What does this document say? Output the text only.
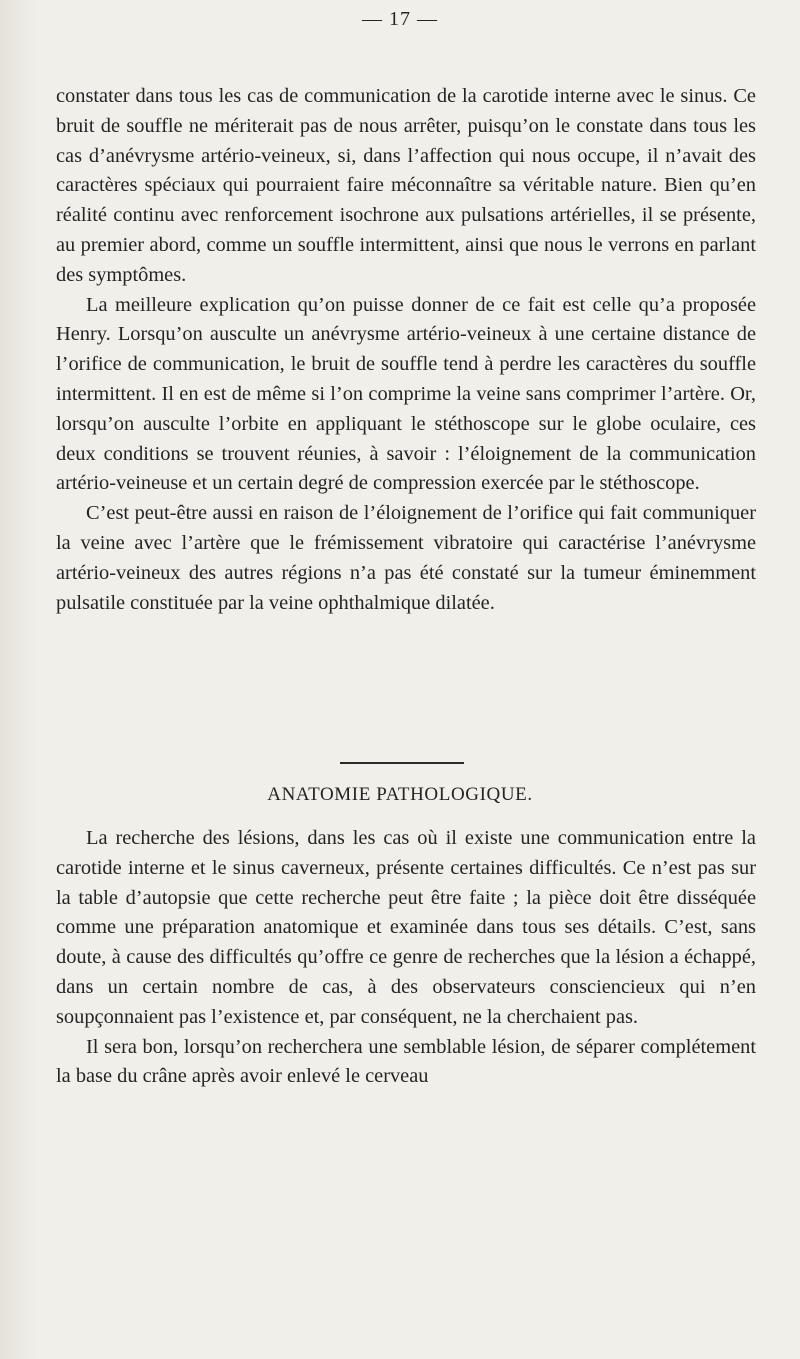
— 17 —

constater dans tous les cas de communication de la carotide interne avec le sinus. Ce bruit de souffle ne mériterait pas de nous arrêter, puisqu’on le constate dans tous les cas d’anévrysme artério-veineux, si, dans l’affection qui nous occupe, il n’avait des caractères spéciaux qui pourraient faire méconnaître sa véritable nature. Bien qu’en réalité continu avec renforcement isochrone aux pulsations artérielles, il se présente, au premier abord, comme un souffle intermittent, ainsi que nous le verrons en parlant des symptômes.

La meilleure explication qu’on puisse donner de ce fait est celle qu’a proposée Henry. Lorsqu’on ausculte un anévrysme artério-veineux à une certaine distance de l’orifice de communication, le bruit de souffle tend à perdre les caractères du souffle intermittent. Il en est de même si l’on comprime la veine sans comprimer l’artère. Or, lorsqu’on ausculte l’orbite en appliquant le stéthoscope sur le globe oculaire, ces deux conditions se trouvent réunies, à savoir : l’éloignement de la communication artério-veineuse et un certain degré de compression exercée par le stéthoscope.

C’est peut-être aussi en raison de l’éloignement de l’orifice qui fait communiquer la veine avec l’artère que le frémissement vibratoire qui caractérise l’anévrysme artério-veineux des autres régions n’a pas été constaté sur la tumeur éminemment pulsatile constituée par la veine ophthalmique dilatée.

ANATOMIE PATHOLOGIQUE.

La recherche des lésions, dans les cas où il existe une communication entre la carotide interne et le sinus caverneux, présente certaines difficultés. Ce n’est pas sur la table d’autopsie que cette recherche peut être faite ; la pièce doit être disséquée comme une préparation anatomique et examinée dans tous ses détails. C’est, sans doute, à cause des difficultés qu’offre ce genre de recherches que la lésion a échappé, dans un certain nombre de cas, à des observateurs consciencieux qui n’en soupçonnaient pas l’existence et, par conséquent, ne la cherchaient pas.

Il sera bon, lorsqu’on recherchera une semblable lésion, de séparer complétement la base du crâne après avoir enlevé le cerveau
